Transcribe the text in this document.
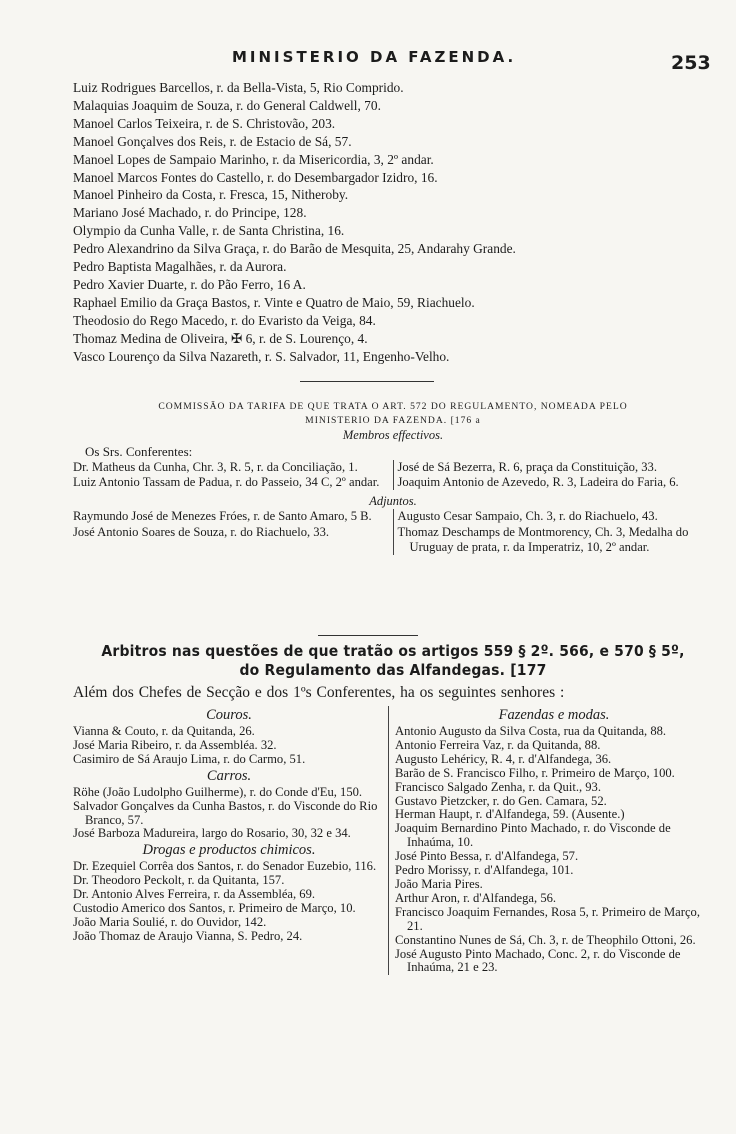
MINISTERIO DA FAZENDA.	253
Luiz Rodrigues Barcellos, r. da Bella-Vista, 5, Rio Comprido.
Malaquias Joaquim de Souza, r. do General Caldwell, 70.
Manoel Carlos Teixeira, r. de S. Christovão, 203.
Manoel Gonçalves dos Reis, r. de Estacio de Sá, 57.
Manoel Lopes de Sampaio Marinho, r. da Misericordia, 3, 2º andar.
Manoel Marcos Fontes do Castello, r. do Desembargador Izidro, 16.
Manoel Pinheiro da Costa, r. Fresca, 15, Nitheroby.
Mariano José Machado, r. do Principe, 128.
Olympio da Cunha Valle, r. de Santa Christina, 16.
Pedro Alexandrino da Silva Graça, r. do Barão de Mesquita, 25, Andarahy Grande.
Pedro Baptista Magalhães, r. da Aurora.
Pedro Xavier Duarte, r. do Pão Ferro, 16 A.
Raphael Emilio da Graça Bastos, r. Vinte e Quatro de Maio, 59, Riachuelo.
Theodosio do Rego Macedo, r. do Evaristo da Veiga, 84.
Thomaz Medina de Oliveira, ✠ 6, r. de S. Lourenço, 4.
Vasco Lourenço da Silva Nazareth, r. S. Salvador, 11, Engenho-Velho.
COMMISSÃO DA TARIFA DE QUE TRATA O ART. 572 DO REGULAMENTO, NOMEADA PELO
MINISTERIO DA FAZENDA. [176 a
Membros effectivos.
Os Srs. Conferentes:
Dr. Matheus da Cunha, Chr. 3, R. 5, r. da Conciliação, 1.
Luiz Antonio Tassam de Padua, r. do Passeio, 34 C, 2º andar.
José de Sá Bezerra, R. 6, praça da Constituição, 33.
Joaquim Antonio de Azevedo, R. 3, Ladeira do Faria, 6.
Adjuntos.
Raymundo José de Menezes Fróes, r. de Santo Amaro, 5 B.
José Antonio Soares de Souza, r. do Riachuelo, 33.
Augusto Cesar Sampaio, Ch. 3, r. do Riachuelo, 43.
Thomaz Deschamps de Montmorency, Ch. 3, Medalha do Uruguay de prata, r. da Imperatriz, 10, 2º andar.
Arbitros nas questões de que tratão os artigos 559 § 2º. 566, e 570 § 5º,
do Regulamento das Alfandegas. [177
Além dos Chefes de Secção e dos 1ºs Conferentes, ha os seguintes senhores :
Couros.
Vianna & Couto, r. da Quitanda, 26.
José Maria Ribeiro, r. da Assembléa. 32.
Casimiro de Sá Araujo Lima, r. do Carmo, 51.
Carros.
Röhe (João Ludolpho Guilherme), r. do Conde d'Eu, 150.
Salvador Gonçalves da Cunha Bastos, r. do Visconde do Rio Branco, 57.
José Barboza Madureira, largo do Rosario, 30, 32 e 34.
Drogas e productos chimicos.
Dr. Ezequiel Corrêa dos Santos, r. do Senador Euzebio, 116.
Dr. Theodoro Peckolt, r. da Quitanta, 157.
Dr. Antonio Alves Ferreira, r. da Assembléa, 69.
Custodio Americo dos Santos, r. Primeiro de Março, 10.
João Maria Soulié, r. do Ouvidor, 142.
João Thomaz de Araujo Vianna, S. Pedro, 24.
Fazendas e modas.
Antonio Augusto da Silva Costa, rua da Quitanda, 88.
Antonio Ferreira Vaz, r. da Quitanda, 88.
Augusto Lehéricy, R. 4, r. d'Alfandega, 36.
Barão de S. Francisco Filho, r. Primeiro de Março, 100.
Francisco Salgado Zenha, r. da Quit., 93.
Gustavo Pietzcker, r. do Gen. Camara, 52.
Herman Haupt, r. d'Alfandega, 59. (Ausente.)
Joaquim Bernardino Pinto Machado, r. do Visconde de Inhaúma, 10.
José Pinto Bessa, r. d'Alfandega, 57.
Pedro Morissy, r. d'Alfandega, 101.
João Maria Pires.
Arthur Aron, r. d'Alfandega, 56.
Francisco Joaquim Fernandes, Rosa 5, r. Primeiro de Março, 21.
Constantino Nunes de Sá, Ch. 3, r. de Theophilo Ottoni, 26.
José Augusto Pinto Machado, Conc. 2, r. do Visconde de Inhaúma, 21 e 23.
